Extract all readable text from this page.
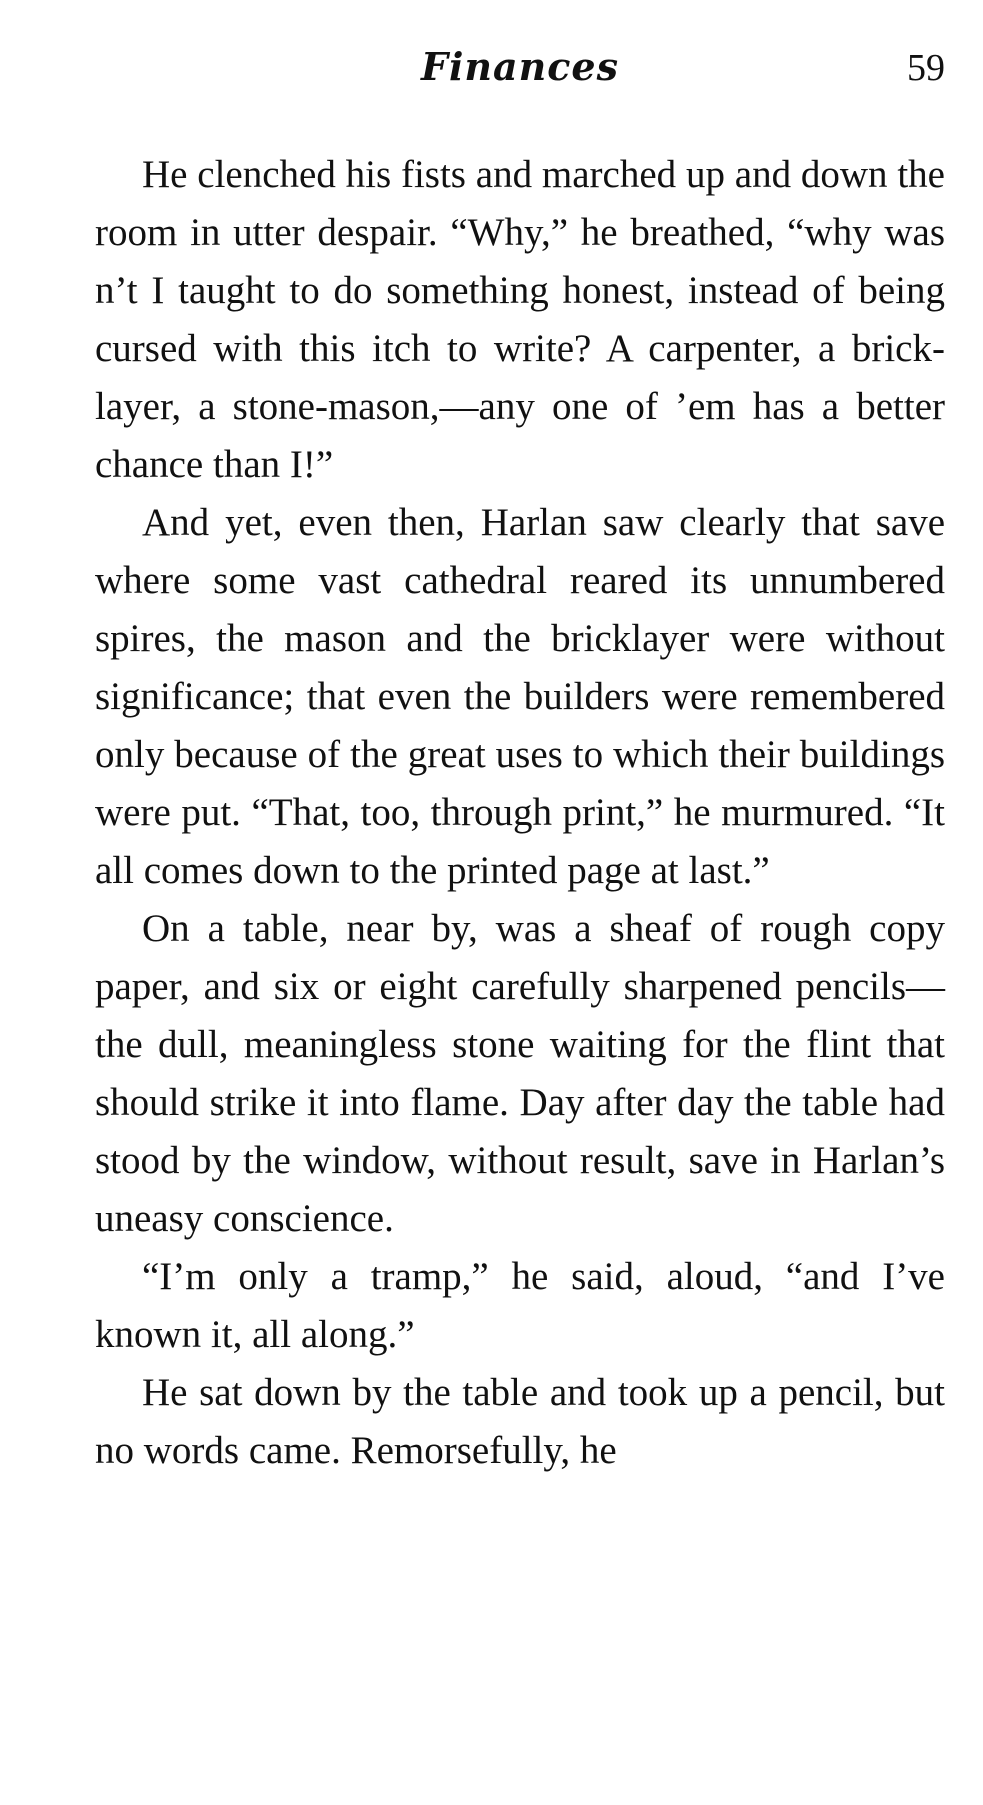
Finances	59

He clenched his fists and marched up and down the room in utter despair. “Why,” he breathed, “why was n’t I taught to do something honest, instead of being cursed with this itch to write? A carpenter, a bricklayer, a stone-mason,—any one of ’em has a better chance than I!”

And yet, even then, Harlan saw clearly that save where some vast cathedral reared its unnumbered spires, the mason and the bricklayer were without significance; that even the builders were remembered only because of the great uses to which their buildings were put. “That, too, through print,” he murmured. “It all comes down to the printed page at last.”

On a table, near by, was a sheaf of rough copy paper, and six or eight carefully sharpened pencils—the dull, meaningless stone waiting for the flint that should strike it into flame. Day after day the table had stood by the window, without result, save in Harlan’s uneasy conscience.

“I’m only a tramp,” he said, aloud, “and I’ve known it, all along.”

He sat down by the table and took up a pencil, but no words came. Remorsefully, he
